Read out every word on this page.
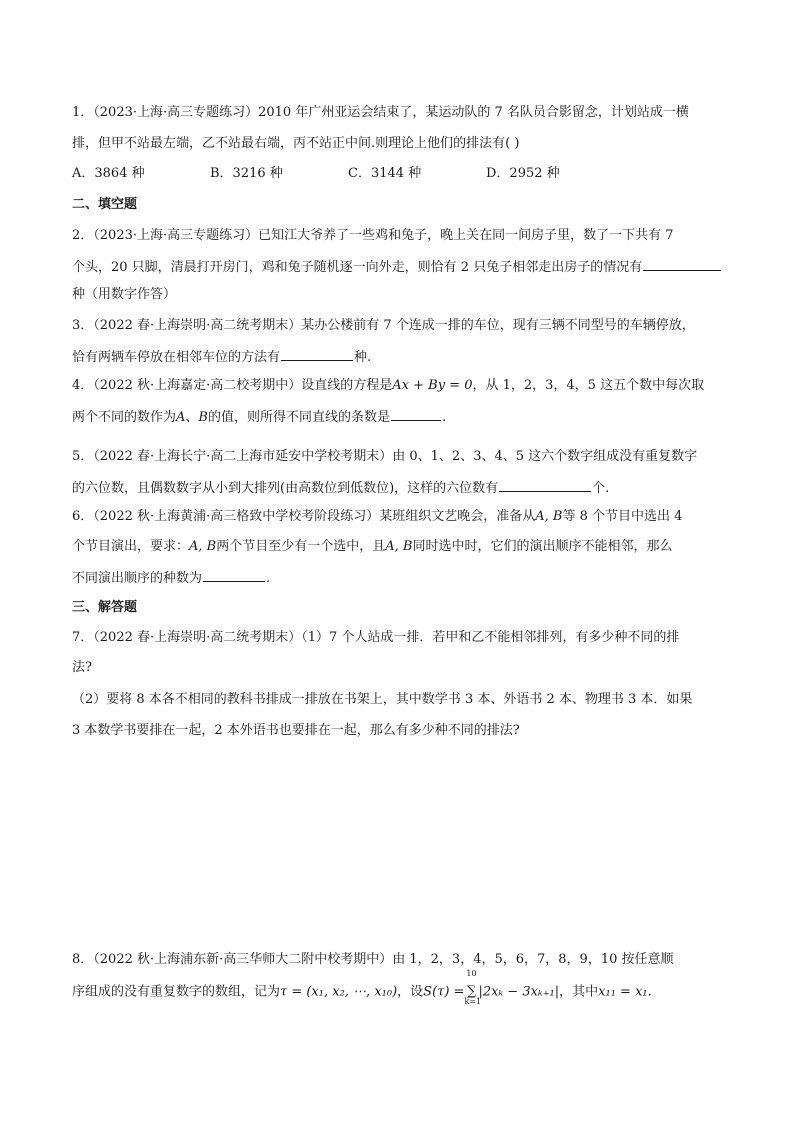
1．（2023·上海·高三专题练习）2010 年广州亚运会结束了，某运动队的 7 名队员合影留念，计划站成一横
排，但甲不站最左端，乙不站最右端，丙不站正中间.则理论上他们的排法有( )
A．3864 种	B．3216 种	C．3144 种	D．2952 种
二、填空题
2．（2023·上海·高三专题练习）已知江大爷养了一些鸡和兔子，晚上关在同一间房子里，数了一下共有 7
个头，20 只脚，清晨打开房门，鸡和兔子随机逐一向外走，则恰有 2 只兔子相邻走出房子的情况有
种（用数字作答）
3．（2022 春·上海崇明·高二统考期末）某办公楼前有 7 个连成一排的车位，现有三辆不同型号的车辆停放，
恰有两辆车停放在相邻车位的方法有	种.
4．（2022 秋·上海嘉定·高二校考期中）设直线的方程是Ax + By = 0，从 1，2，3，4，5 这五个数中每次取
两个不同的数作为A、B的值，则所得不同直线的条数是	.
5．（2022 春·上海长宁·高二上海市延安中学校考期末）由 0、1、2、3、4、5 这六个数字组成没有重复数字
的六位数，且偶数数字从小到大排列(由高数位到低数位)，这样的六位数有	个.
6．（2022 秋·上海黄浦·高三格致中学校考阶段练习）某班组织文艺晚会，准备从A, B等 8 个节目中选出 4
个节目演出，要求：A, B两个节目至少有一个选中，且A, B同时选中时，它们的演出顺序不能相邻，那么
不同演出顺序的种数为	.
三、解答题
7．（2022 春·上海崇明·高二统考期末）（1）7 个人站成一排．若甲和乙不能相邻排列，有多少种不同的排
法?
（2）要将 8 本各不相同的教科书排成一排放在书架上，其中数学书 3 本、外语书 2 本、物理书 3 本．如果
3 本数学书要排在一起，2 本外语书也要排在一起，那么有多少种不同的排法?
8．（2022 秋·上海浦东新·高三华师大二附中校考期中）由 1，2，3，4，5，6，7，8，9，10 按任意顺
序组成的没有重复数字的数组，记为τ = (x₁, x₂, ⋯, x₁₀)，设S(τ) =
10
∑
k=1
|2xₖ − 3xₖ₊₁|，其中x₁₁ = x₁.
